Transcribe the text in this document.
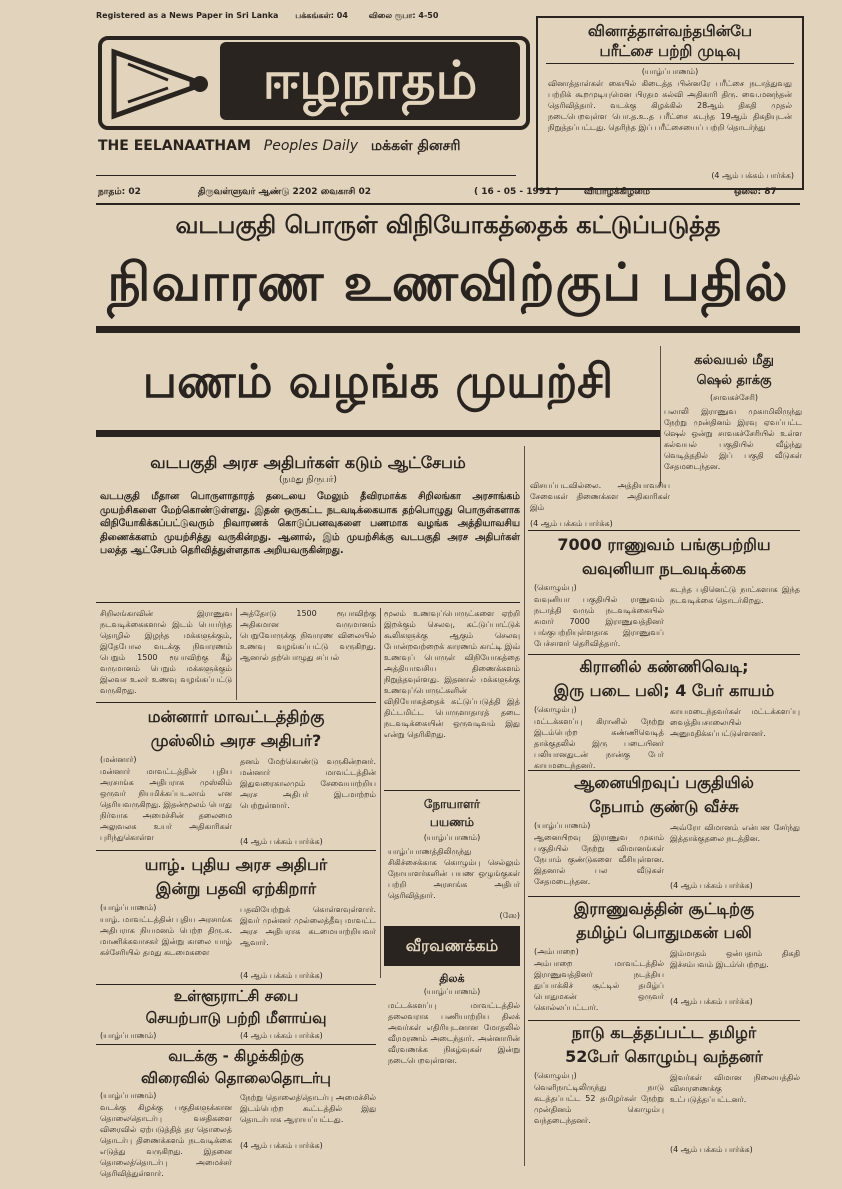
Registered as a News Paper in Sri Lanka பக்கங்கள்: 04	விலை ரூபா: 4-50
ஈழநாதம்
THE EELANAATHAM Peoples Daily மக்கள் தினசரி
வினாத்தாள்வந்தபின்பே
பரீட்சை பற்றி முடிவு
(யாழ்ப்பாணம்)
வினாத்தாள்கள் கையில் கிடைத்த பின்னரே பரீட்சை நடாத்துவது பற்றிக் கூறமுடியுமென பிரதம கல்வி அதிகாரி திரு. வை.மனந்தன் தெரிவித்தார். வடக்கு கிழக்கில் 28ஆம் திகதி முதல் நடைபெறவுள்ள பொ.த.உ.த பரீட்சை கடந்த 19ஆம் திகதியுடன் நிறுத்தப்பட்டது. தெரிந்த இப் பரீட்சையைப் பற்றி தொடர்ந்து
(4 ஆம் பக்கம் பார்க்க)
நாதம்: 02	திருவள்ளுவர் ஆண்டு 2202 வைகாசி 02	( 16 - 05 - 1991 )	வியாழக்கிழமை	ஒலை: 87
வடபகுதி பொருள் விநியோகத்தைக் கட்டுப்படுத்த
நிவாரண உணவிற்குப் பதில்
பணம் வழங்க முயற்சி	கல்வயல் மீது
ஷெல் தாக்கு
(சாவகச்சேரி)
பலாலி இராணுவ முகாமிலிருந்து நேற்று முன்தினம் இரவு ஏவப்பட்ட ஷெல் ஒன்று சாவகச்சேரியில் உள்ள கல்வயல் பகுதியில் வீழ்ந்து வெடித்ததில் இப் பகுதி வீடுகள் சேதமடைந்தன.
வடபகுதி அரச அதிபர்கள் கடும் ஆட்சேபம்
(நமது நிருபர்)
வடபகுதி மீதான பொருளாதாரத் தடையை மேலும் தீவிரமாக்க சிறிலங்கா அரசாங்கம் முயற்சிகளை மேற்கொண்டுள்ளது. இதன் ஒருகட்ட நடவடிக்கையாக தற்பொழுது பொருள்களாக விநியோகிக்கப்பட்டுவரும் நிவாரணக் கொடுப்பனவுகளை பணமாக வழங்க அத்தியாவசிய திணைக்களம் முயற்சித்து வருகின்றது. ஆனால், இம் முயற்சிக்கு வடபகுதி அரச அதிபர்கள் பலத்த ஆட்சேபம் தெரிவித்துள்ளதாக அறியவருகின்றது.
சிறிலங்காவின் இராணுவ நடவடிக்கைகளால் இடம் பெயர்ந்த தொழில் இழந்த மக்களுக்கும், இதேபோல வடக்கு நிவாரணம் பெறும் 1500 ரூபாவிற்கு கீழ் வருமானம் பெறும் மக்களுக்கும் இலவச உலர் உணவு வழங்கப்பட்டு வருகிறது.
அத்தோடு 1500 ரூபாவிற்கு அதிகமான வருமானம் பெறுவோருக்கு நிவாரண விலையில் உணவு வழங்கப்பட்டு வருகிறது. ஆனால் தற்பொழுது சப்பல்
மூலம் உணவுப்பொருட்களை ஏற்றி இறக்கும் செலவு, கட்டுப்பாட்டுக் கூலிகளுக்கு ஆகும் செலவு போன்றவற்றைக் காரணம் காட்டி இவ் உணவுப் பொருள் விநியோகத்தை அத்தியாவசிய திணைக்களம் நிறுத்தவுள்ளது. இதனால் மக்களுக்கு உணவுப்பொருட்களின் விநியோகத்தைக் கட்டுப்படுத்தி இத் திட்டமிட்ட பொருளாதாரத் தடை நடவடிக்கையின் ஒருவடிவம் இது என்று தெரிகிறது.
விசயப்படவில்லை. அத்தியாவசிய சேவைகள் திணைக்கள அதிகாரிகள் இம்
(4 ஆம் பக்கம் பார்க்க)
மன்னார் மாவட்டத்திற்கு
முஸ்லிம் அரச அதிபர்?
(மன்னார்)
மன்னார் மாவட்டத்தின் புதிய அரசாங்க அதிபராக முஸ்லிம் ஒருவர் நியமிக்கப்படலாம் என தெரியவருகிறது. இதன்மூலம் பொது நிர்வாக அமைச்சின் தலைமை அலுவலக உயர் அதிகாரிகள் புரிந்துகொள்ள
தனம் மேற்கொண்டு வருகின்றனர். மன்னார் மாவட்டத்தின் இதுவரைகாலமும் சேவையாற்றிய அரச அதிபர் இடமாற்றம் பெற்றுள்ளார்.
(4 ஆம் பக்கம் பார்க்க)
யாழ். புதிய அரச அதிபர்
இன்று பதவி ஏற்கிறார்
(யாழ்ப்பாணம்)
யாழ். மாவட்டத்தின் புதிய அரசாங்க அதிபராக நியமனம் பெற்ற திரு.க. மாணிக்கவாசகர் இன்று காலை யாழ் கச்சேரியில் தமது கடமைகளை
பதவியேற்றுக் கொள்ளவுள்ளார். இவர் முன்னர் முல்லைத்தீவு மாவட்ட அரச அதிபராக கடமையாற்றியவர் ஆவார்.
(4 ஆம் பக்கம் பார்க்க)
உள்ளூராட்சி சபை
செயற்பாடு பற்றி மீளாய்வு
(யாழ்ப்பாணம்)	(4 ஆம் பக்கம் பார்க்க)
வடக்கு - கிழக்கிற்கு
விரைவில் தொலைதொடர்பு
(யாழ்ப்பாணம்)
வடக்கு கிழக்கு பகுதிகளுக்கான தொலைதொடர்பு வசதிகளை விரைவில் ஏற்படுத்தித் தர தொலைத் தொடர்பு திணைக்களம் நடவடிக்கை எடுத்து வருகிறது. இதனை தொலைத்தொடர்பு அமைச்சர் தெரிவித்துள்ளார்.
நேற்று தொலைத்தொடர்பு அமைச்சில் இடம்பெற்ற கூட்டத்தில் இது தொடர்பாக ஆராயப்பட்டது.
(4 ஆம் பக்கம் பார்க்க)
நோயாளர்
பயணம்
(யாழ்ப்பாணம்)
யாழ்ப்பாணத்திலிருந்து சிகிச்சைக்காக கொழும்பு செல்லும் நோயாளர்களின் பயண ஒழுங்குகள் பற்றி அரசாங்க அதிபர் தெரிவித்தார்.
(ஸே)
வீரவணக்கம்
திலக்
(யாழ்ப்பாணம்)
மட்டக்களப்பு மாவட்டத்தில் தலைவராக பணியாற்றிய திலக் அவர்கள் எதிரியுடனான மோதலில் வீரமரணம் அடைந்தார். அன்னாரின் வீரவணக்க நிகழ்வுகள் இன்று நடைபெறவுள்ளன.
7000 ராணுவம் பங்குபற்றிய
வவுனியா நடவடிக்கை
(கொழும்பு)
வவுனியா பகுதியில் ராணுவம் நடாத்தி வரும் நடவடிக்கையில் சுமார் 7000 இராணுவத்தினர் பங்குபற்றியுள்ளதாக இராணுவப் பேச்சாளர் தெரிவித்தார்.
கடந்த பதினெட்டு நாட்களாக இந்த நடவடிக்கை தொடர்கிறது.
கிரானில் கண்ணிவெடி;
இரு படை பலி; 4 பேர் காயம்
(கொழும்பு)
மட்டக்களப்பு கிரானில் நேற்று இடம்பெற்ற கண்ணிவெடித் தாக்குதலில் இரு படையினர் பலியானதுடன் நான்கு பேர் காயமடைந்தனர்.
காயமடைந்தவர்கள் மட்டக்களப்பு வைத்தியசாலையில் அனுமதிக்கப்பட்டுள்ளனர்.
ஆனையிறவுப் பகுதியில்
நேபாம் குண்டு வீச்சு
(யாழ்ப்பாணம்)
ஆனையிறவு இராணுவ முகாம் பகுதியில் நேற்று விமானங்கள் நேபாம் குண்டுகளை வீசியுள்ளன. இதனால் பல வீடுகள் சேதமடைந்தன.
அவ்ரோ விமானம் என்பன சேர்ந்து இத்தாக்குதலை நடத்தின.
(4 ஆம் பக்கம் பார்க்க)
இராணுவத்தின் சூட்டிற்கு
தமிழ்ப் பொதுமகன் பலி
(அம்பாறை)
அம்பாறை மாவட்டத்தில் இராணுவத்தினர் நடத்திய துப்பாக்கிச் சூட்டில் தமிழ்ப் பொதுமகன் ஒருவர் கொல்லப்பட்டார்.
இம்மாதம் ஒன்பதாம் திகதி இச்சம்பவம் இடம்பெற்றது.
(4 ஆம் பக்கம் பார்க்க)
நாடு கடத்தப்பட்ட தமிழர்
52பேர் கொழும்பு வந்தனர்
(கொழும்பு)
வெளிநாட்டிலிருந்து நாடு கடத்தப்பட்ட 52 தமிழர்கள் நேற்று முன்தினம் கொழும்பு வந்தடைந்தனர்.
இவர்கள் விமான நிலையத்தில் விசாரணைக்கு உட்படுத்தப்பட்டனர்.
(4 ஆம் பக்கம் பார்க்க)
